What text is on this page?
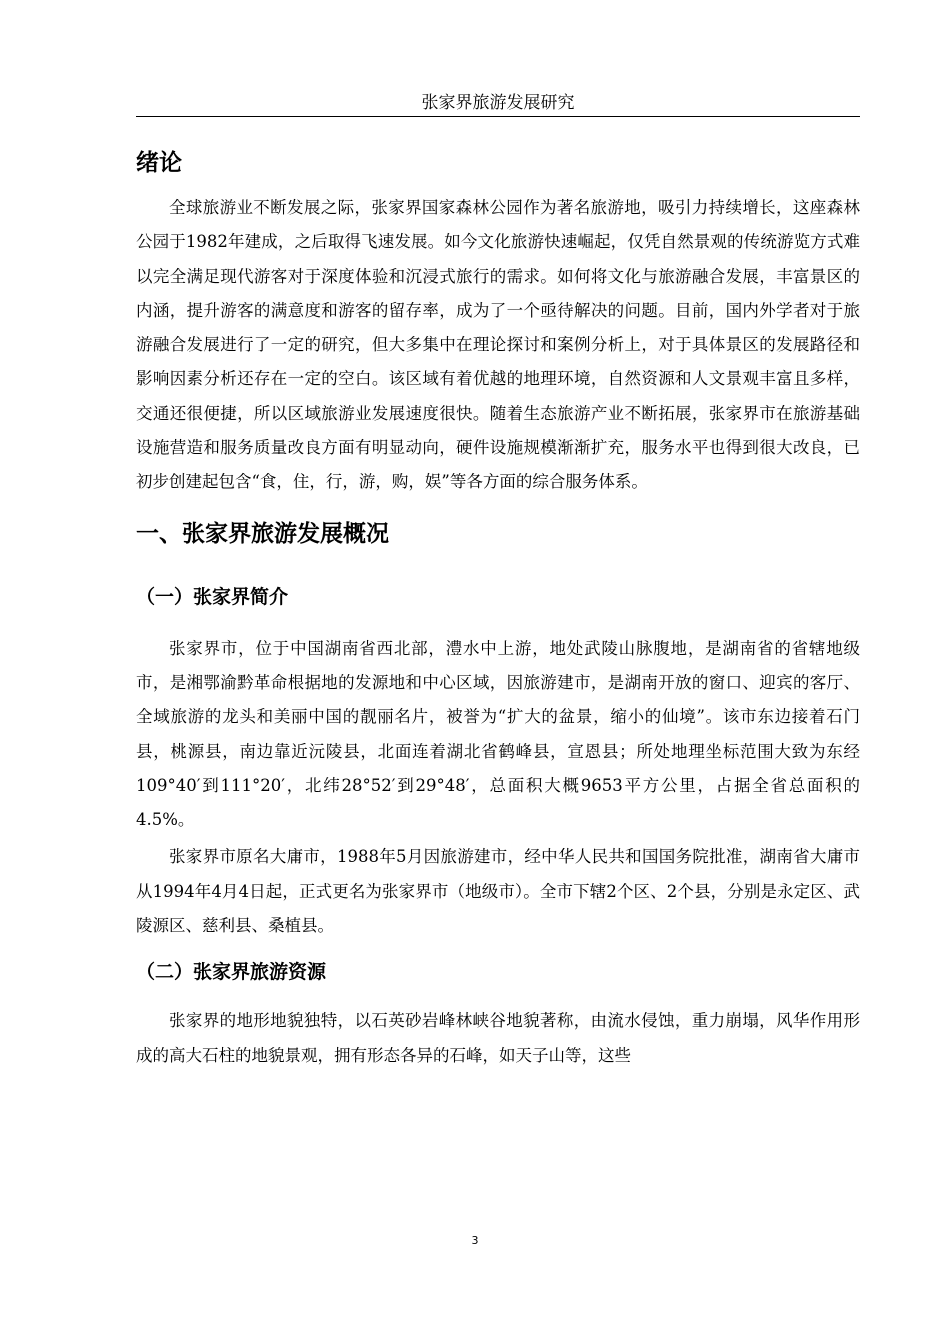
张家界旅游发展研究
绪论

全球旅游业不断发展之际，张家界国家森林公园作为著名旅游地，吸引力持续增长，这座森林公园于1982年建成，之后取得飞速发展。如今文化旅游快速崛起，仅凭自然景观的传统游览方式难以完全满足现代游客对于深度体验和沉浸式旅行的需求。如何将文化与旅游融合发展，丰富景区的内涵，提升游客的满意度和游客的留存率，成为了一个亟待解决的问题。目前，国内外学者对于旅游融合发展进行了一定的研究，但大多集中在理论探讨和案例分析上，对于具体景区的发展路径和影响因素分析还存在一定的空白。该区域有着优越的地理环境，自然资源和人文景观丰富且多样，交通还很便捷，所以区域旅游业发展速度很快。随着生态旅游产业不断拓展，张家界市在旅游基础设施营造和服务质量改良方面有明显动向，硬件设施规模渐渐扩充，服务水平也得到很大改良，已初步创建起包含“食，住，行，游，购，娱”等各方面的综合服务体系。

一、张家界旅游发展概况
（一）张家界简介

张家界市，位于中国湖南省西北部，澧水中上游，地处武陵山脉腹地，是湖南省的省辖地级市，是湘鄂渝黔革命根据地的发源地和中心区域，因旅游建市，是湖南开放的窗口、迎宾的客厅、全域旅游的龙头和美丽中国的靓丽名片，被誉为“扩大的盆景，缩小的仙境”。该市东边接着石门县，桃源县，南边靠近沅陵县，北面连着湖北省鹤峰县，宣恩县；所处地理坐标范围大致为东经109°40′到111°20′，北纬28°52′到29°48′，总面积大概9653平方公里，占据全省总面积的4.5%。

张家界市原名大庸市，1988年5月因旅游建市，经中华人民共和国国务院批准，湖南省大庸市从1994年4月4日起，正式更名为张家界市（地级市）。全市下辖2个区、2个县，分别是永定区、武陵源区、慈利县、桑植县。

（二）张家界旅游资源

张家界的地形地貌独特，以石英砂岩峰林峡谷地貌著称，由流水侵蚀，重力崩塌，风华作用形成的高大石柱的地貌景观，拥有形态各异的石峰，如天子山等，这些

3
